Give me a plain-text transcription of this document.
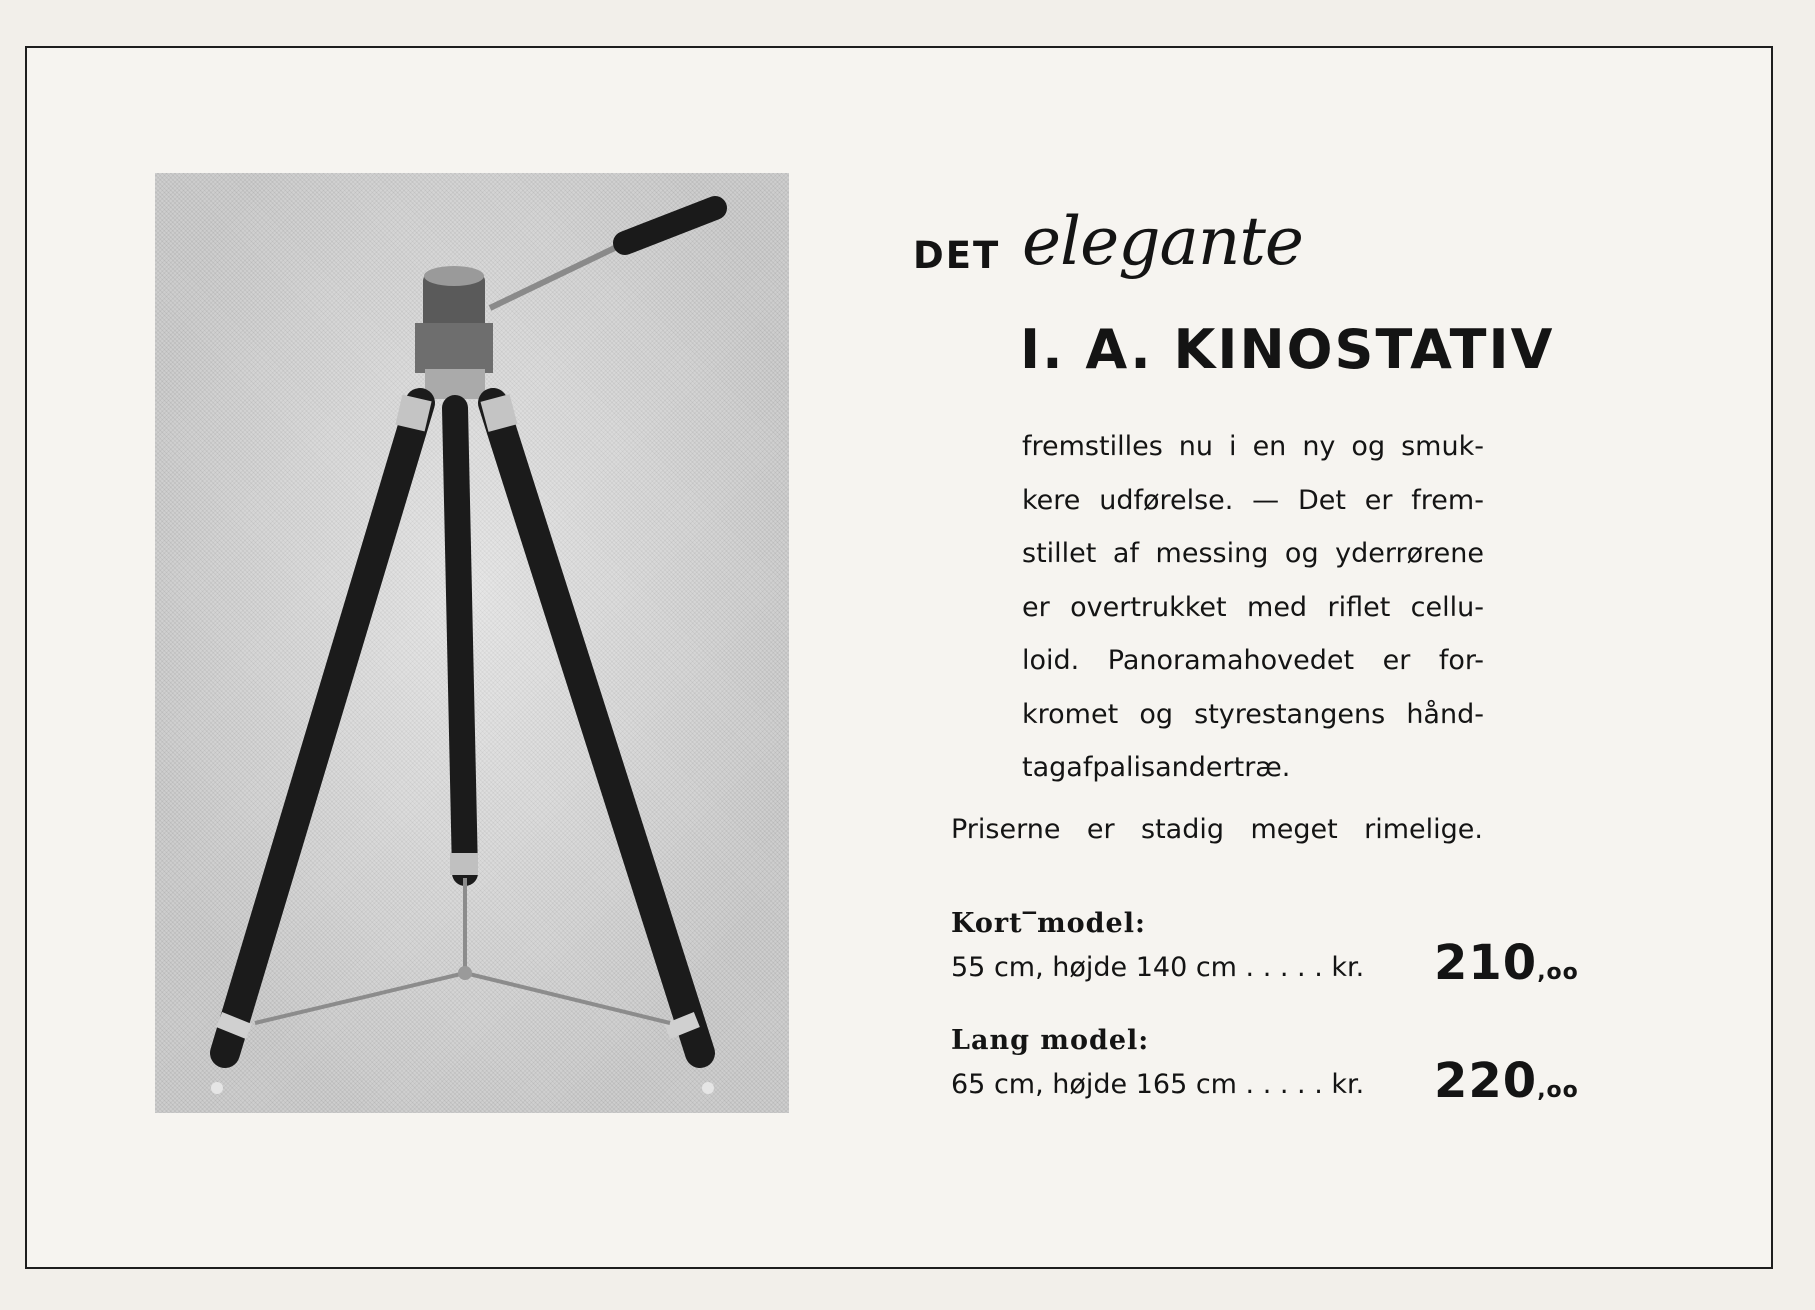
DET elegante
I. A. KINOSTATIV
fremstilles nu i en ny og smuk-
kere udførelse. — Det er frem-
stillet af messing og yderrørene
er overtrukket med riflet cellu-
loid. Panoramahovedet er for-
kromet og styrestangens hånd-
tag af palisandertræ.
Priserne er stadig meget rimelige.
Kort‾model:
55 cm, højde 140 cm . . . . . kr. 210,oo
Lang model:
65 cm, højde 165 cm . . . . . kr. 220,oo
